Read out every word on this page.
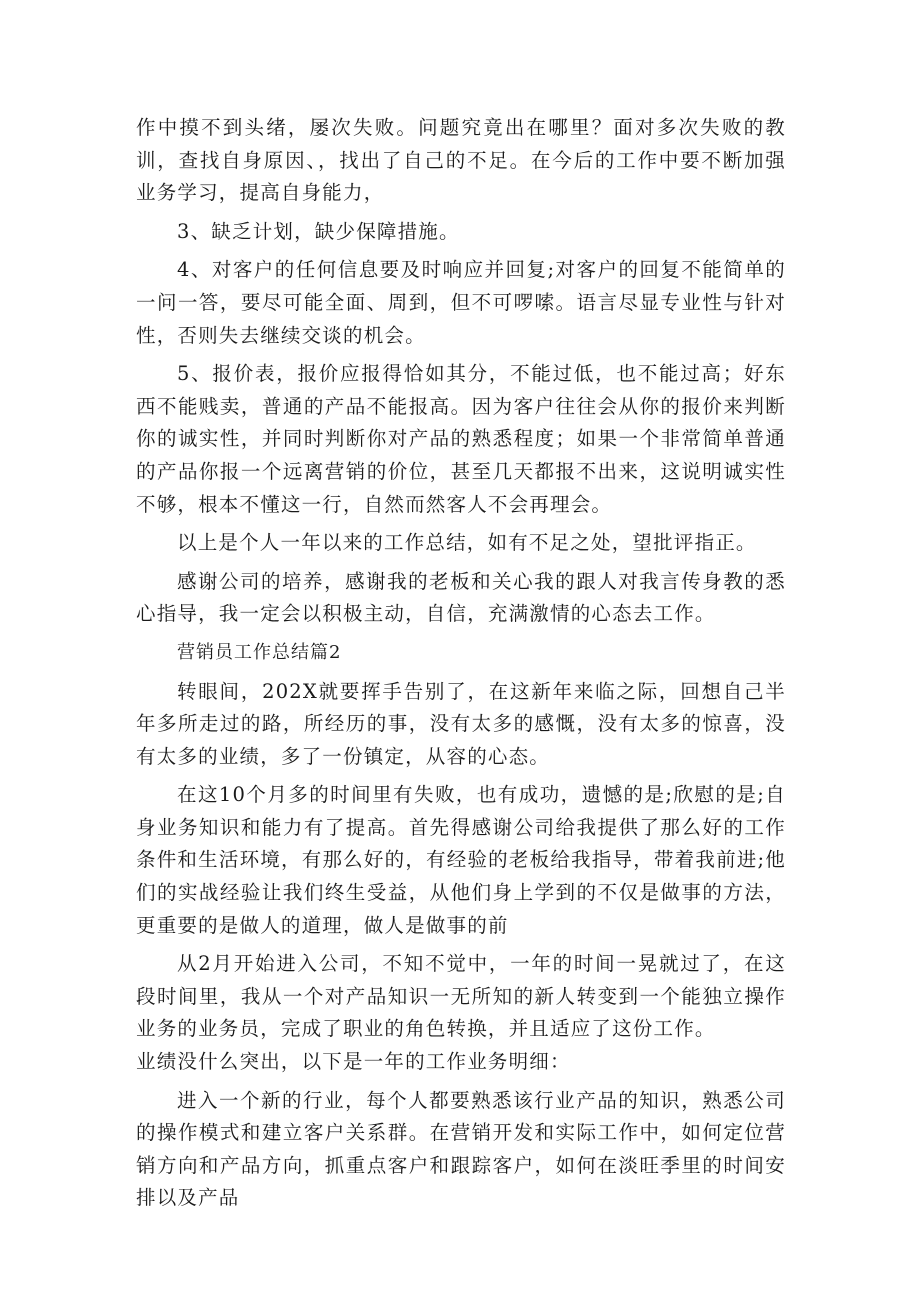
作中摸不到头绪，屡次失败。问题究竟出在哪里？面对多次失败的教训，查找自身原因、，找出了自己的不足。在今后的工作中要不断加强业务学习，提高自身能力，

3、缺乏计划，缺少保障措施。

4、对客户的任何信息要及时响应并回复;对客户的回复不能简单的一问一答，要尽可能全面、周到，但不可啰嗦。语言尽显专业性与针对性，否则失去继续交谈的机会。

5、报价表，报价应报得恰如其分，不能过低，也不能过高；好东西不能贱卖，普通的产品不能报高。因为客户往往会从你的报价来判断你的诚实性，并同时判断你对产品的熟悉程度；如果一个非常简单普通的产品你报一个远离营销的价位，甚至几天都报不出来，这说明诚实性不够，根本不懂这一行，自然而然客人不会再理会。

以上是个人一年以来的工作总结，如有不足之处，望批评指正。

感谢公司的培养，感谢我的老板和关心我的跟人对我言传身教的悉心指导，我一定会以积极主动，自信，充满激情的心态去工作。

营销员工作总结篇2

转眼间，202X就要挥手告别了，在这新年来临之际，回想自己半年多所走过的路，所经历的事，没有太多的感慨，没有太多的惊喜，没有太多的业绩，多了一份镇定，从容的心态。

在这10个月多的时间里有失败，也有成功，遗憾的是;欣慰的是;自身业务知识和能力有了提高。首先得感谢公司给我提供了那么好的工作条件和生活环境，有那么好的，有经验的老板给我指导，带着我前进;他们的实战经验让我们终生受益，从他们身上学到的不仅是做事的方法，更重要的是做人的道理，做人是做事的前

从2月开始进入公司，不知不觉中，一年的时间一晃就过了，在这段时间里，我从一个对产品知识一无所知的新人转变到一个能独立操作业务的业务员，完成了职业的角色转换，并且适应了这份工作。

业绩没什么突出，以下是一年的工作业务明细：

进入一个新的行业，每个人都要熟悉该行业产品的知识，熟悉公司的操作模式和建立客户关系群。在营销开发和实际工作中，如何定位营销方向和产品方向，抓重点客户和跟踪客户，如何在淡旺季里的时间安排以及产品
